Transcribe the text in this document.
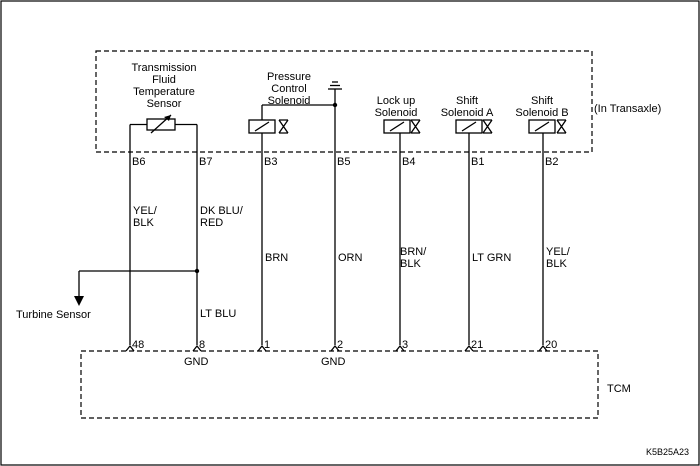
(In Transaxle)
TCM
Transmission
Fluid
Temperature
Sensor
Pressure
Control
Solenoid	Lock up
Solenoid
Shift
Solenoid A
Shift
Solenoid B
B6	B7	B3	B5	B4	B1	B2
YEL/
BLK
DK BLU/
RED
BRN	ORN	BRN/
BLK	LT GRN	YEL/
BLK
LT BLU
Turbine Sensor
48	8	1	2	3	21	20
GND	GND
K5B25A23
